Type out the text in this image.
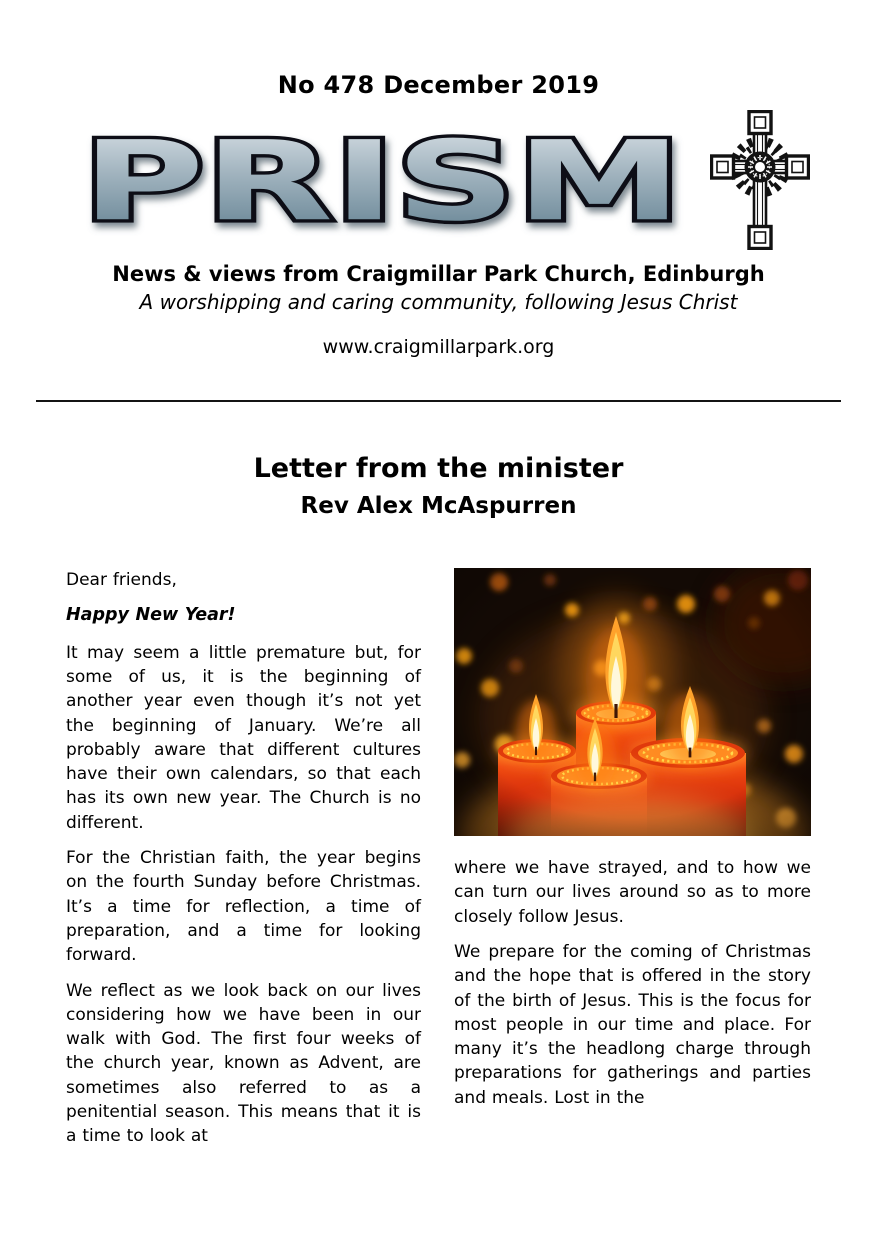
No 478 December 2019
PRISM
News & views from Craigmillar Park Church, Edinburgh
A worshipping and caring community, following Jesus Christ
www.craigmillarpark.org
Letter from the minister
Rev Alex McAspurren

Dear friends,

Happy New Year!

It may seem a little premature but, for some of us, it is the beginning of another year even though it’s not yet the beginning of January. We’re all probably aware that different cultures have their own calendars, so that each has its own new year. The Church is no different.

For the Christian faith, the year begins on the fourth Sunday before Christmas. It’s a time for reflection, a time of preparation, and a time for looking forward.

We reflect as we look back on our lives considering how we have been in our walk with God. The first four weeks of the church year, known as Advent, are sometimes also referred to as a penitential season. This means that it is a time to look at

where we have strayed, and to how we can turn our lives around so as to more closely follow Jesus.

We prepare for the coming of Christmas and the hope that is offered in the story of the birth of Jesus. This is the focus for most people in our time and place. For many it’s the headlong charge through preparations for gatherings and parties and meals. Lost in the
